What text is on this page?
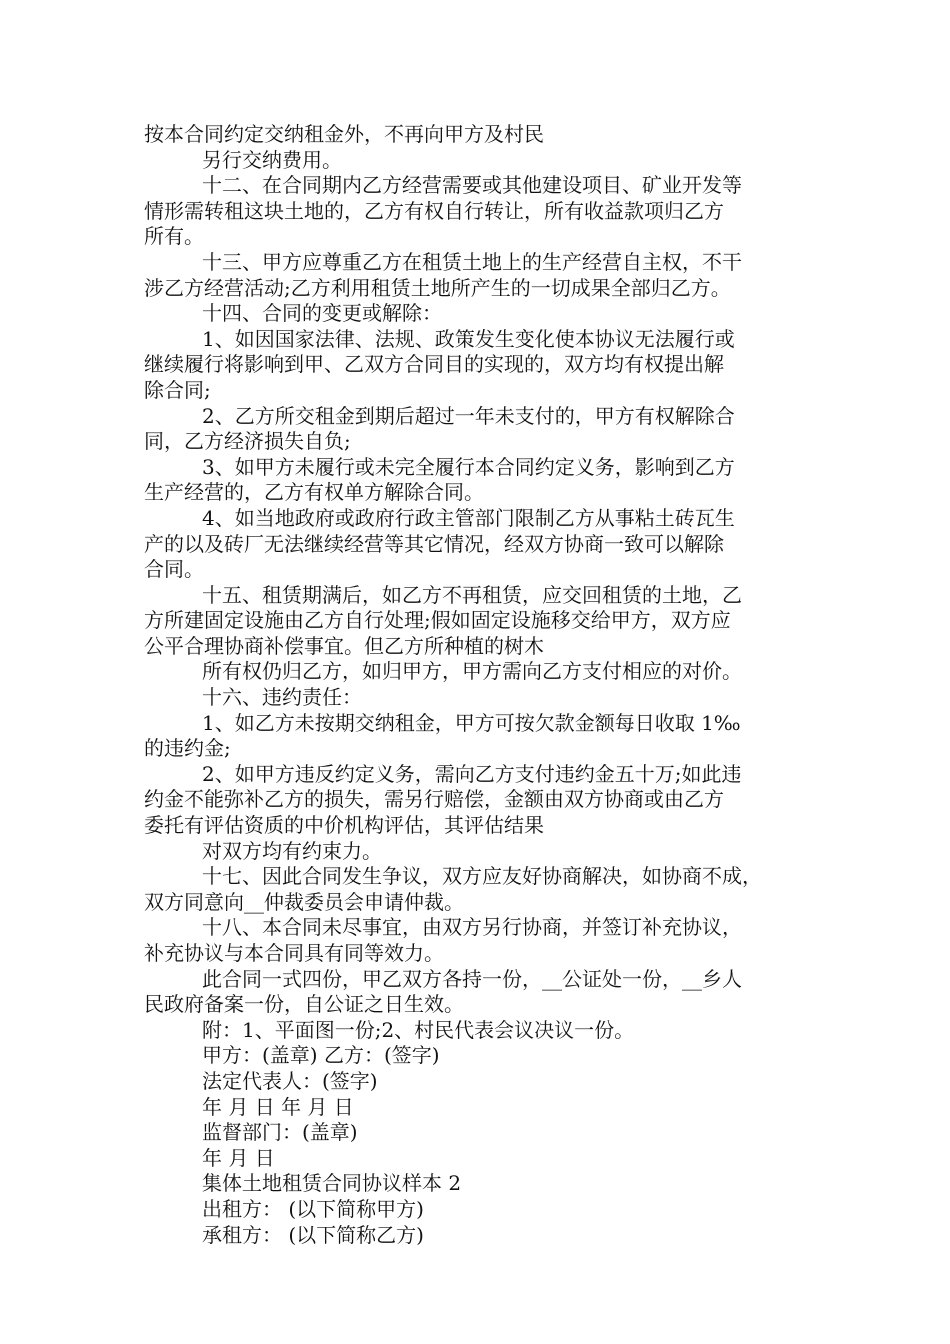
按本合同约定交纳租金外，不再向甲方及村民
另行交纳费用。
十二、在合同期内乙方经营需要或其他建设项目、矿业开发等
情形需转租这块土地的，乙方有权自行转让，所有收益款项归乙方
所有。
十三、甲方应尊重乙方在租赁土地上的生产经营自主权，不干
涉乙方经营活动;乙方利用租赁土地所产生的一切成果全部归乙方。
十四、合同的变更或解除：
1、如因国家法律、法规、政策发生变化使本协议无法履行或
继续履行将影响到甲、乙双方合同目的实现的，双方均有权提出解
除合同;
2、乙方所交租金到期后超过一年未支付的，甲方有权解除合
同，乙方经济损失自负;
3、如甲方未履行或未完全履行本合同约定义务，影响到乙方
生产经营的，乙方有权单方解除合同。
4、如当地政府或政府行政主管部门限制乙方从事粘土砖瓦生
产的以及砖厂无法继续经营等其它情况，经双方协商一致可以解除
合同。
十五、租赁期满后，如乙方不再租赁，应交回租赁的土地，乙
方所建固定设施由乙方自行处理;假如固定设施移交给甲方，双方应
公平合理协商补偿事宜。但乙方所种植的树木
所有权仍归乙方，如归甲方，甲方需向乙方支付相应的对价。
十六、违约责任：
1、如乙方未按期交纳租金，甲方可按欠款金额每日收取 1‰
的违约金;
2、如甲方违反约定义务，需向乙方支付违约金五十万;如此违
约金不能弥补乙方的损失，需另行赔偿，金额由双方协商或由乙方
委托有评估资质的中价机构评估，其评估结果
对双方均有约束力。
十七、因此合同发生争议，双方应友好协商解决，如协商不成，
双方同意向__仲裁委员会申请仲裁。
十八、本合同未尽事宜，由双方另行协商，并签订补充协议，
补充协议与本合同具有同等效力。
此合同一式四份，甲乙双方各持一份，__公证处一份，__乡人
民政府备案一份，自公证之日生效。
附：1、平面图一份;2、村民代表会议决议一份。
甲方：(盖章) 乙方：(签字)
法定代表人：(签字)
年 月 日 年 月 日
监督部门：(盖章)
年 月 日
集体土地租赁合同协议样本 2
出租方： (以下简称甲方)
承租方： (以下简称乙方)
